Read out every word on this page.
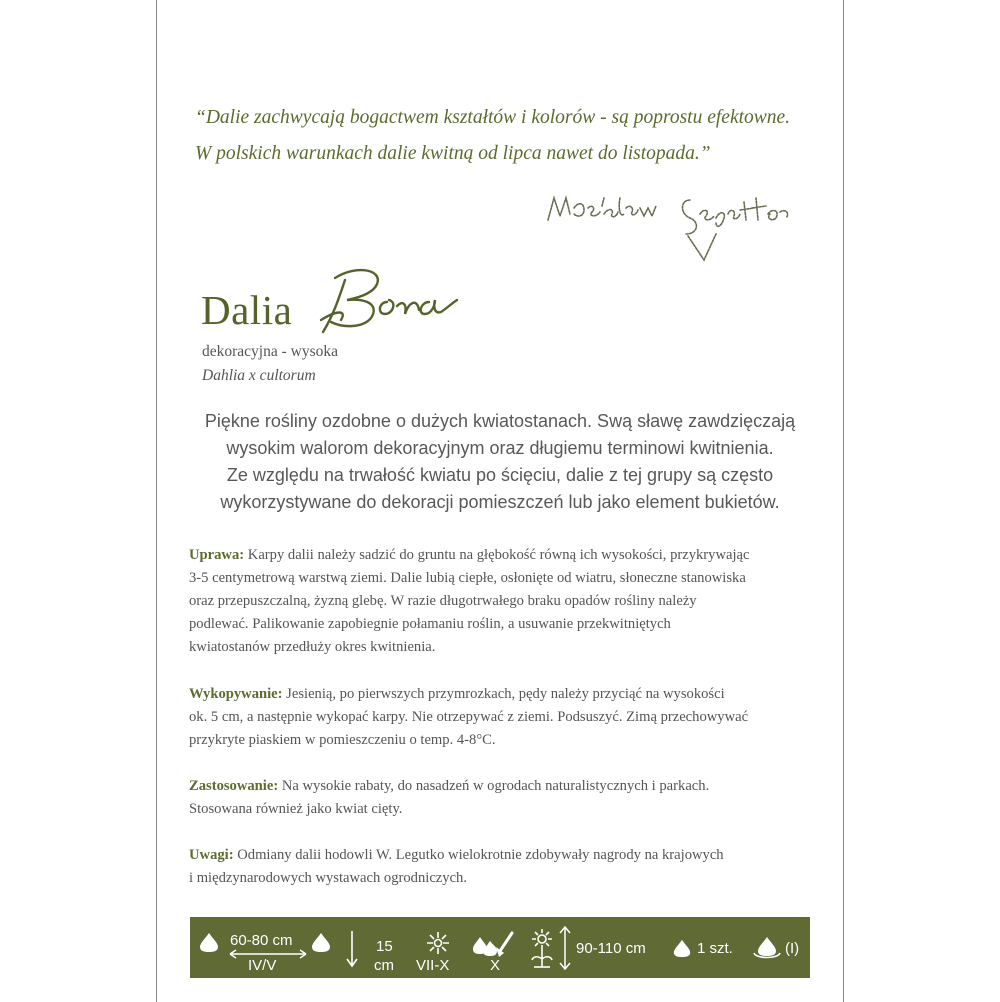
“Dalie zachwycają bogactwem kształtów i kolorów - są poprostu efektowne.
W polskich warunkach dalie kwitną od lipca nawet do listopada.”
Dalia
dekoracyjna - wysoka
Dahlia x cultorum
Piękne rośliny ozdobne o dużych kwiatostanach. Swą sławę zawdzięczają
wysokim walorom dekoracyjnym oraz długiemu terminowi kwitnienia.
Ze względu na trwałość kwiatu po ścięciu, dalie z tej grupy są często
wykorzystywane do dekoracji pomieszczeń lub jako element bukietów.
Uprawa: Karpy dalii należy sadzić do gruntu na głębokość równą ich wysokości, przykrywając
3-5 centymetrową warstwą ziemi. Dalie lubią ciepłe, osłonięte od wiatru, słoneczne stanowiska
oraz przepuszczalną, żyzną glebę. W razie długotrwałego braku opadów rośliny należy
podlewać. Palikowanie zapobiegnie połamaniu roślin, a usuwanie przekwitniętych
kwiatostanów przedłuży okres kwitnienia.
Wykopywanie: Jesienią, po pierwszych przymrozkach, pędy należy przyciąć na wysokości
ok. 5 cm, a następnie wykopać karpy. Nie otrzepywać z ziemi. Podsuszyć. Zimą przechowywać
przykryte piaskiem w pomieszczeniu o temp. 4-8°C.
Zastosowanie: Na wysokie rabaty, do nasadzeń w ogrodach naturalistycznych i parkach.
Stosowana również jako kwiat cięty.
Uwagi: Odmiany dalii hodowli W. Legutko wielokrotnie zdobywały nagrody na krajowych
i międzynarodowych wystawach ogrodniczych.
60-80 cm
IV/V
15
cm VII-X	X
90-110 cm	1 szt.	(I)
